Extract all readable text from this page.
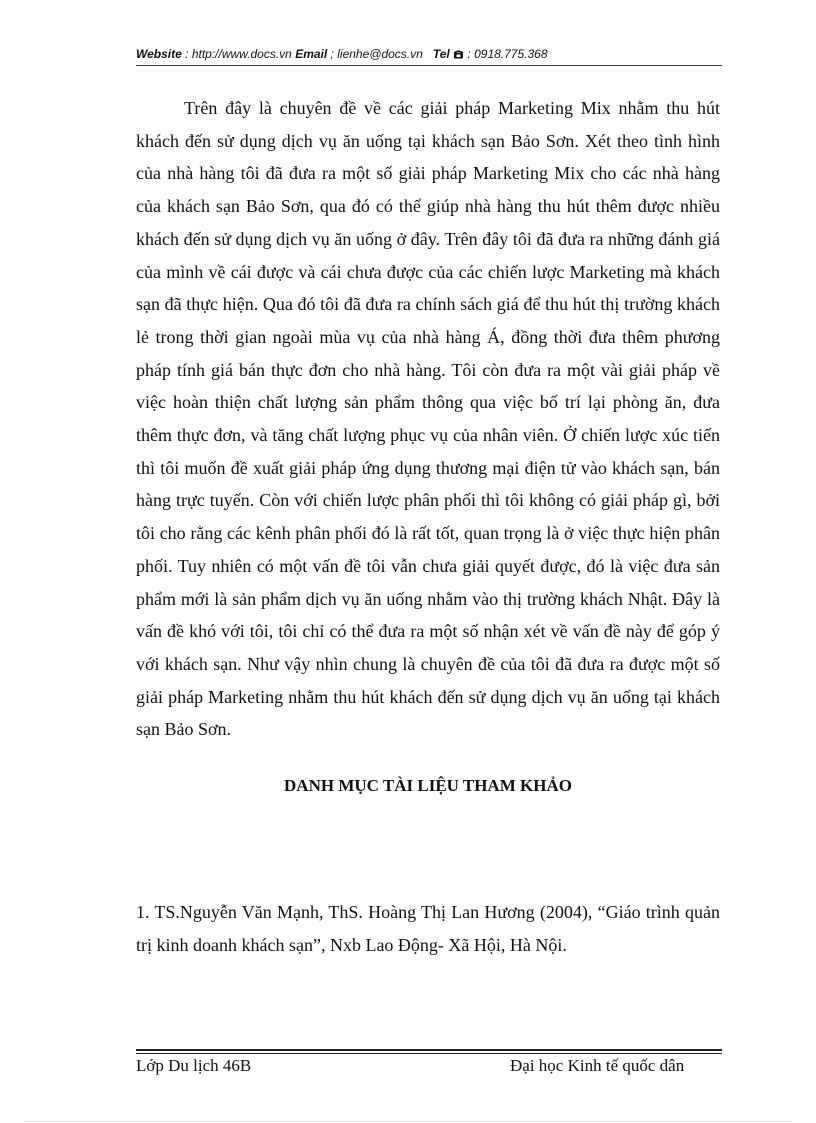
Website : http://www.docs.vn Email ; lienhe@docs.vn Tel  : 0918.775.368

Trên đây là chuyên đề về các giải pháp Marketing Mix nhằm thu hút khách đến sử dụng dịch vụ ăn uống tại khách sạn Bảo Sơn. Xét theo tình hình của nhà hàng tôi đã đưa ra một số giải pháp Marketing Mix cho các nhà hàng của khách sạn Bảo Sơn, qua đó có thể giúp nhà hàng thu hút thêm được nhiều khách đến sử dụng dịch vụ ăn uống ở đây. Trên đây tôi đã đưa ra những đánh giá của mình về cái được và cái chưa được của các chiến lược Marketing mà khách sạn đã thực hiện. Qua đó tôi đã đưa ra chính sách giá để thu hút thị trường khách lẻ trong thời gian ngoài mùa vụ của nhà hàng Á, đồng thời đưa thêm phương pháp tính giá bán thực đơn cho nhà hàng. Tôi còn đưa ra một vài giải pháp về việc hoàn thiện chất lượng sản phẩm thông qua việc bố trí lại phòng ăn, đưa thêm thực đơn, và tăng chất lượng phục vụ của nhân viên. Ở chiến lược xúc tiến thì tôi muốn đề xuất giải pháp ứng dụng thương mại điện tử vào khách sạn, bán hàng trực tuyến. Còn với chiến lược phân phối thì tôi không có giải pháp gì, bởi tôi cho rằng các kênh phân phối đó là rất tốt, quan trọng là ở việc thực hiện phân phối. Tuy nhiên có một vấn đề tôi vẫn chưa giải quyết được, đó là việc đưa sản phẩm mới là sản phẩm dịch vụ ăn uống nhằm vào thị trường khách Nhật. Đây là vấn đề khó với tôi, tôi chỉ có thể đưa ra một số nhận xét về vấn đề này để góp ý với khách sạn. Như vậy nhìn chung là chuyên đề của tôi đã đưa ra được một số giải pháp Marketing nhằm thu hút khách đến sử dụng dịch vụ ăn uống tại khách sạn Bảo Sơn.

DANH MỤC TÀI LIỆU THAM KHẢO

1. TS.Nguyễn Văn Mạnh, ThS. Hoàng Thị Lan Hương (2004), “Giáo trình quản trị kinh doanh khách sạn”, Nxb Lao Động- Xã Hội, Hà Nội.

Lớp Du lịch 46B	Đại học Kinh tế quốc dân
